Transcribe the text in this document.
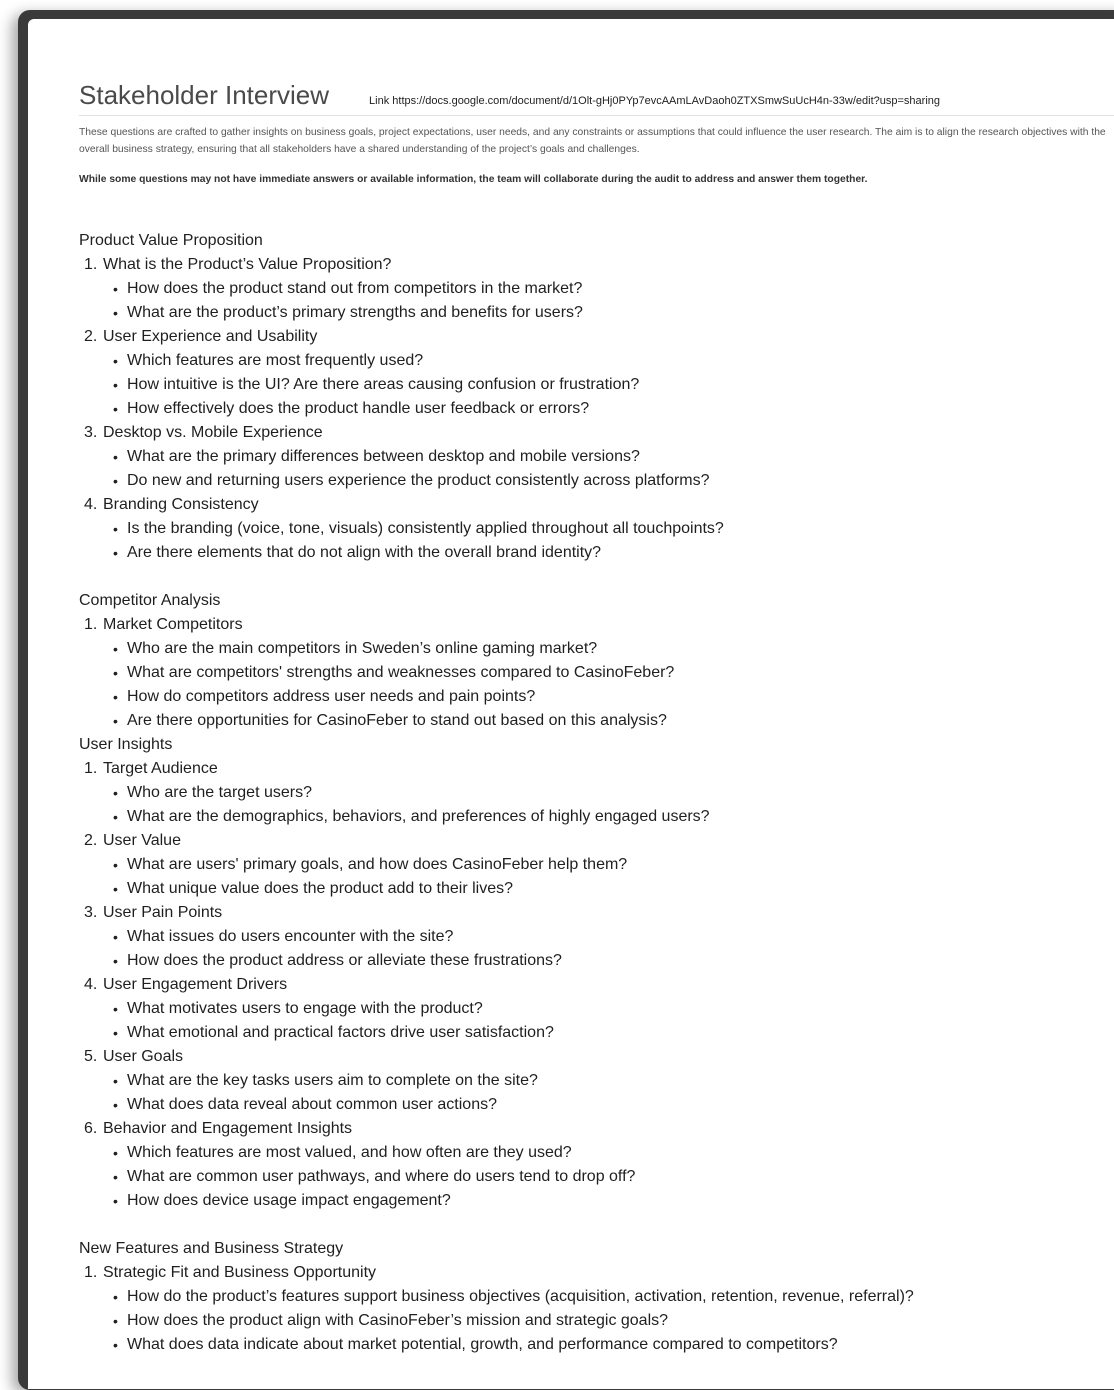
Stakeholder Interview	Link https://docs.google.com/document/d/1Olt-gHj0PYp7evcAAmLAvDaoh0ZTXSmwSuUcH4n-33w/edit?usp=sharing
These questions are crafted to gather insights on business goals, project expectations, user needs, and any constraints or assumptions that could influence the user research. The aim is to align the research objectives with the overall business strategy, ensuring that all stakeholders have a shared understanding of the project’s goals and challenges.
While some questions may not have immediate answers or available information, the team will collaborate during the audit to address and answer them together.
Product Value Proposition
1. What is the Product’s Value Proposition?
• How does the product stand out from competitors in the market?
• What are the product’s primary strengths and benefits for users?
2. User Experience and Usability
• Which features are most frequently used?
• How intuitive is the UI? Are there areas causing confusion or frustration?
• How effectively does the product handle user feedback or errors?
3. Desktop vs. Mobile Experience
• What are the primary differences between desktop and mobile versions?
• Do new and returning users experience the product consistently across platforms?
4. Branding Consistency
• Is the branding (voice, tone, visuals) consistently applied throughout all touchpoints?
• Are there elements that do not align with the overall brand identity?
Competitor Analysis
1. Market Competitors
• Who are the main competitors in Sweden’s online gaming market?
• What are competitors' strengths and weaknesses compared to CasinoFeber?
• How do competitors address user needs and pain points?
• Are there opportunities for CasinoFeber to stand out based on this analysis?
User Insights
1. Target Audience
• Who are the target users?
• What are the demographics, behaviors, and preferences of highly engaged users?
2. User Value
• What are users' primary goals, and how does CasinoFeber help them?
• What unique value does the product add to their lives?
3. User Pain Points
• What issues do users encounter with the site?
• How does the product address or alleviate these frustrations?
4. User Engagement Drivers
• What motivates users to engage with the product?
• What emotional and practical factors drive user satisfaction?
5. User Goals
• What are the key tasks users aim to complete on the site?
• What does data reveal about common user actions?
6. Behavior and Engagement Insights
• Which features are most valued, and how often are they used?
• What are common user pathways, and where do users tend to drop off?
• How does device usage impact engagement?
New Features and Business Strategy
1. Strategic Fit and Business Opportunity
• How do the product’s features support business objectives (acquisition, activation, retention, revenue, referral)?
• How does the product align with CasinoFeber’s mission and strategic goals?
• What does data indicate about market potential, growth, and performance compared to competitors?
